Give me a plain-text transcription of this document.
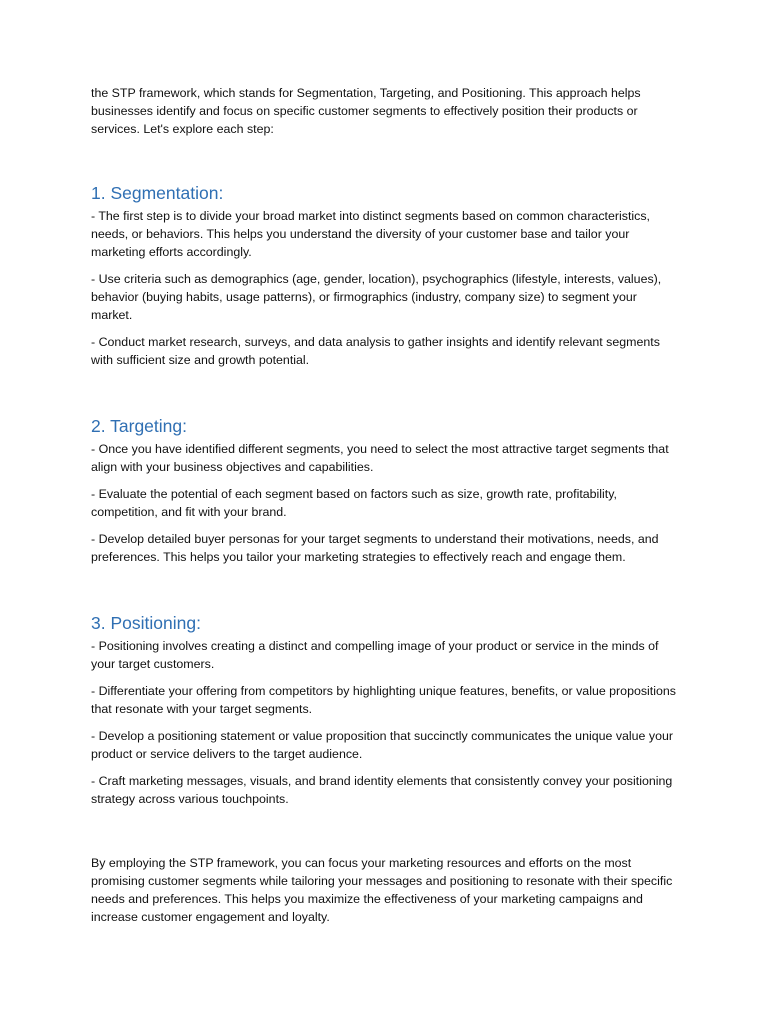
the STP framework, which stands for Segmentation, Targeting, and Positioning. This approach helps businesses identify and focus on specific customer segments to effectively position their products or services. Let's explore each step:

1. Segmentation:

- The first step is to divide your broad market into distinct segments based on common characteristics, needs, or behaviors. This helps you understand the diversity of your customer base and tailor your marketing efforts accordingly.

- Use criteria such as demographics (age, gender, location), psychographics (lifestyle, interests, values), behavior (buying habits, usage patterns), or firmographics (industry, company size) to segment your market.

- Conduct market research, surveys, and data analysis to gather insights and identify relevant segments with sufficient size and growth potential.

2. Targeting:

- Once you have identified different segments, you need to select the most attractive target segments that align with your business objectives and capabilities.

- Evaluate the potential of each segment based on factors such as size, growth rate, profitability, competition, and fit with your brand.

- Develop detailed buyer personas for your target segments to understand their motivations, needs, and preferences. This helps you tailor your marketing strategies to effectively reach and engage them.

3. Positioning:

- Positioning involves creating a distinct and compelling image of your product or service in the minds of your target customers.

- Differentiate your offering from competitors by highlighting unique features, benefits, or value propositions that resonate with your target segments.

- Develop a positioning statement or value proposition that succinctly communicates the unique value your product or service delivers to the target audience.

- Craft marketing messages, visuals, and brand identity elements that consistently convey your positioning strategy across various touchpoints.

By employing the STP framework, you can focus your marketing resources and efforts on the most promising customer segments while tailoring your messages and positioning to resonate with their specific needs and preferences. This helps you maximize the effectiveness of your marketing campaigns and increase customer engagement and loyalty.
